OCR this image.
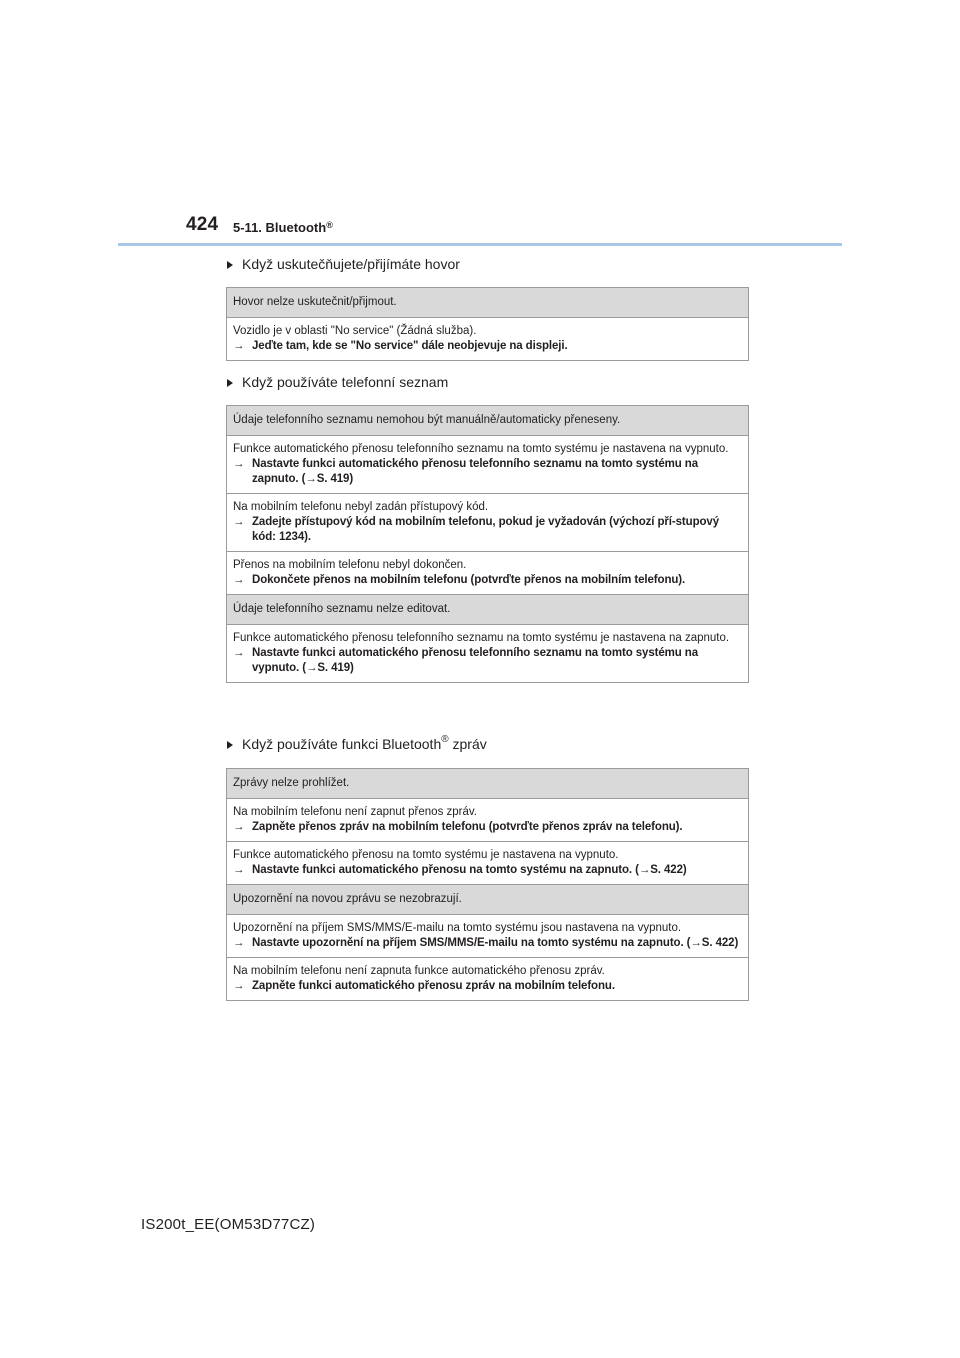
424 5-11. Bluetooth®
Když uskutečňujete/přijímáte hovor
Hovor nelze uskutečnit/přijmout.
Vozidlo je v oblasti "No service" (Žádná služba).
→ Jeďte tam, kde se "No service" dále neobjevuje na displeji.
Když používáte telefonní seznam
Údaje telefonního seznamu nemohou být manuálně/automaticky přeneseny.
Funkce automatického přenosu telefonního seznamu na tomto systému je nastavena na vypnuto.
→ Nastavte funkci automatického přenosu telefonního seznamu na tomto systému na zapnuto. (→S. 419)
Na mobilním telefonu nebyl zadán přístupový kód.
→ Zadejte přístupový kód na mobilním telefonu, pokud je vyžadován (výchozí pří-stupový kód: 1234).
Přenos na mobilním telefonu nebyl dokončen.
→ Dokončete přenos na mobilním telefonu (potvrďte přenos na mobilním telefonu).
Údaje telefonního seznamu nelze editovat.
Funkce automatického přenosu telefonního seznamu na tomto systému je nastavena na zapnuto.
→ Nastavte funkci automatického přenosu telefonního seznamu na tomto systému na vypnuto. (→S. 419)
Když používáte funkci Bluetooth® zpráv
Zprávy nelze prohlížet.
Na mobilním telefonu není zapnut přenos zpráv.
→ Zapněte přenos zpráv na mobilním telefonu (potvrďte přenos zpráv na telefonu).
Funkce automatického přenosu na tomto systému je nastavena na vypnuto.
→ Nastavte funkci automatického přenosu na tomto systému na zapnuto. (→S. 422)
Upozornění na novou zprávu se nezobrazují.
Upozornění na příjem SMS/MMS/E-mailu na tomto systému jsou nastavena na vypnuto.
→ Nastavte upozornění na příjem SMS/MMS/E-mailu na tomto systému na zapnuto. (→S. 422)
Na mobilním telefonu není zapnuta funkce automatického přenosu zpráv.
→ Zapněte funkci automatického přenosu zpráv na mobilním telefonu.
IS200t_EE(OM53D77CZ)
